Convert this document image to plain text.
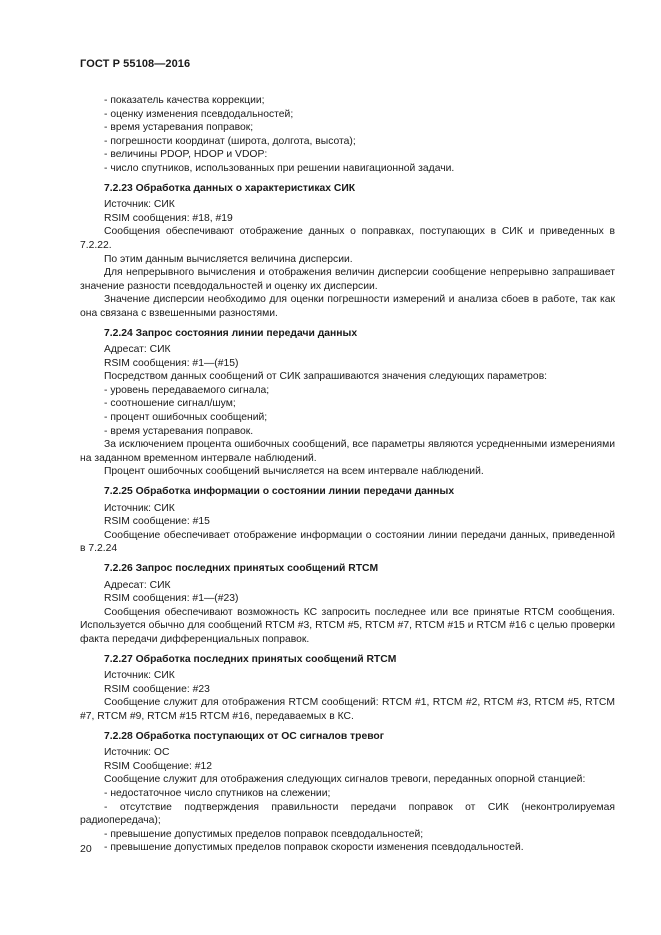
ГОСТ Р 55108—2016

- показатель качества коррекции;

- оценку изменения псевдодальностей;

- время устаревания поправок;

- погрешности координат (широта, долгота, высота);

- величины PDOP, HDOP и VDOP:

- число спутников, использованных при решении навигационной задачи.

7.2.23 Обработка данных о характеристиках СИК

Источник: СИК

RSIM сообщения: #18, #19

Сообщения обеспечивают отображение данных о поправках, поступающих в СИК и приведенных в 7.2.22.

По этим данным вычисляется величина дисперсии.

Для непрерывного вычисления и отображения величин дисперсии сообщение непрерывно запрашивает значение разности псевдодальностей и оценку их дисперсии.

Значение дисперсии необходимо для оценки погрешности измерений и анализа сбоев в работе, так как она связана с взвешенными разностями.

7.2.24 Запрос состояния линии передачи данных

Адресат: СИК

RSIM сообщения: #1—(#15)

Посредством данных сообщений от СИК запрашиваются значения следующих параметров:

- уровень передаваемого сигнала;

- соотношение сигнал/шум;

- процент ошибочных сообщений;

- время устаревания поправок.

За исключением процента ошибочных сообщений, все параметры являются усредненными измерениями на заданном временном интервале наблюдений.

Процент ошибочных сообщений вычисляется на всем интервале наблюдений.

7.2.25 Обработка информации о состоянии линии передачи данных

Источник: СИК

RSIM сообщение: #15

Сообщение обеспечивает отображение информации о состоянии линии передачи данных, приведенной в 7.2.24

7.2.26 Запрос последних принятых сообщений RTCM

Адресат: СИК

RSIM сообщения: #1—(#23)

Сообщения обеспечивают возможность КС запросить последнее или все принятые RTCM сообщения. Используется обычно для сообщений RTCM #3, RTCM #5, RTCM #7, RTCM #15 и RTCM #16 с целью проверки факта передачи дифференциальных поправок.

7.2.27 Обработка последних принятых сообщений RTCM

Источник: СИК

RSIM сообщение: #23

Сообщение служит для отображения RTCM сообщений: RTCM #1, RTCM #2, RTCM #3, RTCM #5, RTCM #7, RTCM #9, RTCM #15 RTCM #16, передаваемых в КС.

7.2.28 Обработка поступающих от ОС сигналов тревог

Источник: ОС

RSIM Сообщение: #12

Сообщение служит для отображения следующих сигналов тревоги, переданных опорной станцией:

- недостаточное число спутников на слежении;

- отсутствие подтверждения правильности передачи поправок от СИК (неконтролируемая радиопередача);

- превышение допустимых пределов поправок псевдодальностей;

- превышение допустимых пределов поправок скорости изменения псевдодальностей.

20
